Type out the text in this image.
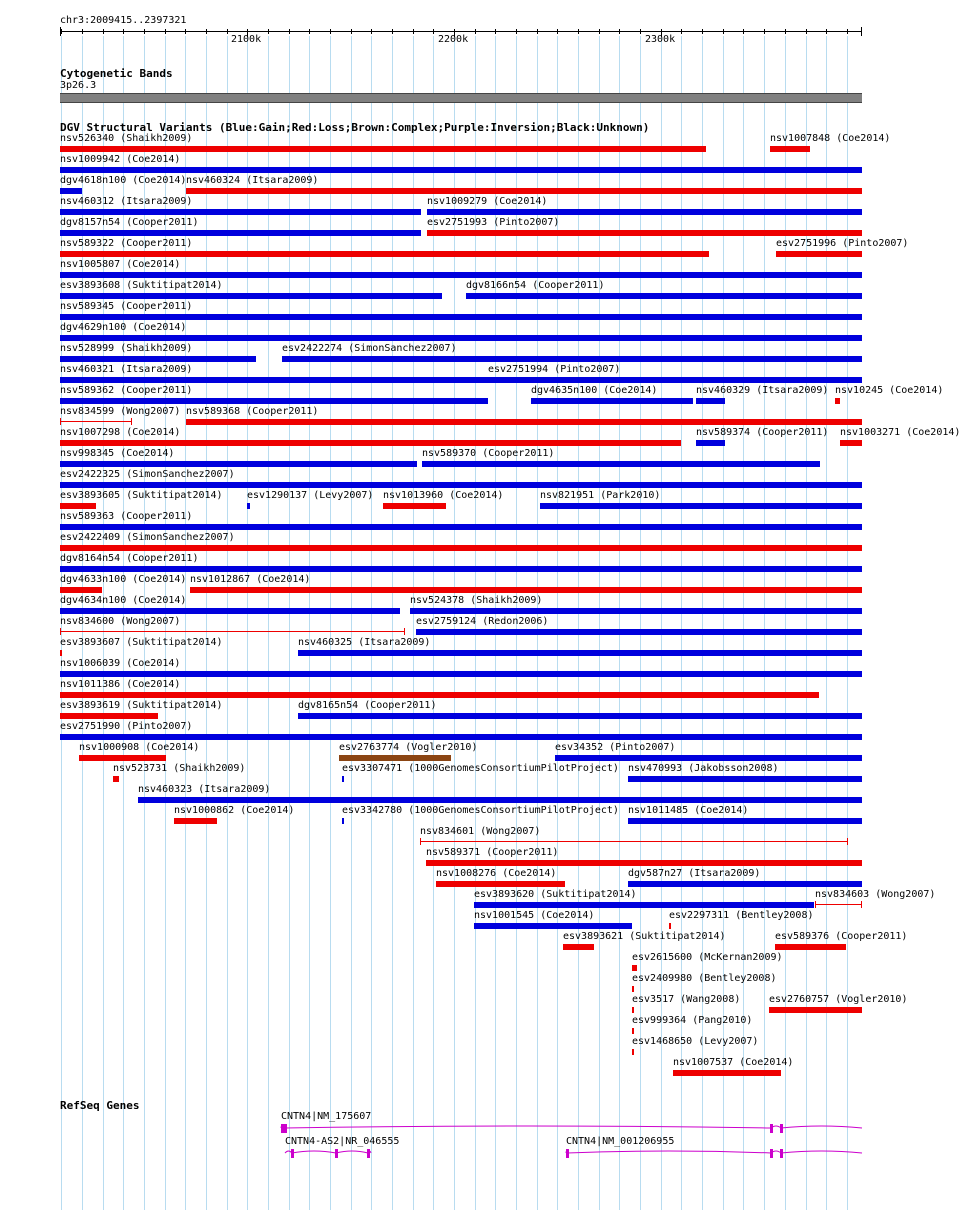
chr3:2009415..2397321
2100k	2200k	2300k
Cytogenetic Bands
3p26.3
DGV Structural Variants (Blue:Gain;Red:Loss;Brown:Complex;Purple:Inversion;Black:Unknown)
nsv526340 (Shaikh2009)	nsv1007848 (Coe2014)
nsv1009942 (Coe2014)
dgv4618n100 (Coe2014) nsv460324 (Itsara2009)
nsv460312 (Itsara2009)	nsv1009279 (Coe2014)
dgv8157n54 (Cooper2011)	esv2751993 (Pinto2007)
nsv589322 (Cooper2011)	esv2751996 (Pinto2007)
nsv1005807 (Coe2014)
esv3893608 (Suktitipat2014)	dgv8166n54 (Cooper2011)
nsv589345 (Cooper2011)
dgv4629n100 (Coe2014)
nsv528999 (Shaikh2009)	esv2422274 (SimonSanchez2007)
nsv460321 (Itsara2009)	esv2751994 (Pinto2007)
nsv589362 (Cooper2011)	dgv4635n100 (Coe2014)	nsv460329 (Itsara2009) nsv10245 (Coe2014)
nsv834599 (Wong2007) nsv589368 (Cooper2011)
nsv1007298 (Coe2014)	nsv589374 (Cooper2011) nsv1003271 (Coe2014)
nsv998345 (Coe2014)	nsv589370 (Cooper2011)
esv2422325 (SimonSanchez2007)
esv3893605 (Suktitipat2014) esv1290137 (Levy2007) nsv1013960 (Coe2014)	nsv821951 (Park2010)
nsv589363 (Cooper2011)
esv2422409 (SimonSanchez2007)
dgv8164n54 (Cooper2011)
dgv4633n100 (Coe2014) nsv1012867 (Coe2014)
dgv4634n100 (Coe2014)	nsv524378 (Shaikh2009)
nsv834600 (Wong2007)	esv2759124 (Redon2006)
esv3893607 (Suktitipat2014)	nsv460325 (Itsara2009)
nsv1006039 (Coe2014)
nsv1011386 (Coe2014)
esv3893619 (Suktitipat2014)	dgv8165n54 (Cooper2011)
esv2751990 (Pinto2007)
nsv1000908 (Coe2014)	esv2763774 (Vogler2010)	esv34352 (Pinto2007)
nsv523731 (Shaikh2009)	esv3307471 (1000GenomesConsortiumPilotProject) nsv470993 (Jakobsson2008)
nsv460323 (Itsara2009)
nsv1000862 (Coe2014)	esv3342780 (1000GenomesConsortiumPilotProject) nsv1011485 (Coe2014)
nsv834601 (Wong2007)
nsv589371 (Cooper2011)
nsv1008276 (Coe2014)	dgv587n27 (Itsara2009)
esv3893620 (Suktitipat2014)	nsv834603 (Wong2007)
nsv1001545 (Coe2014)	esv2297311 (Bentley2008)
esv3893621 (Suktitipat2014)	esv589376 (Cooper2011)
esv2615600 (McKernan2009)
esv2409980 (Bentley2008)
esv3517 (Wang2008)	esv2760757 (Vogler2010)
esv999364 (Pang2010)
esv1468650 (Levy2007)
nsv1007537 (Coe2014)
RefSeq Genes
CNTN4|NM_175607
CNTN4-AS2|NR_046555	CNTN4|NM_001206955
